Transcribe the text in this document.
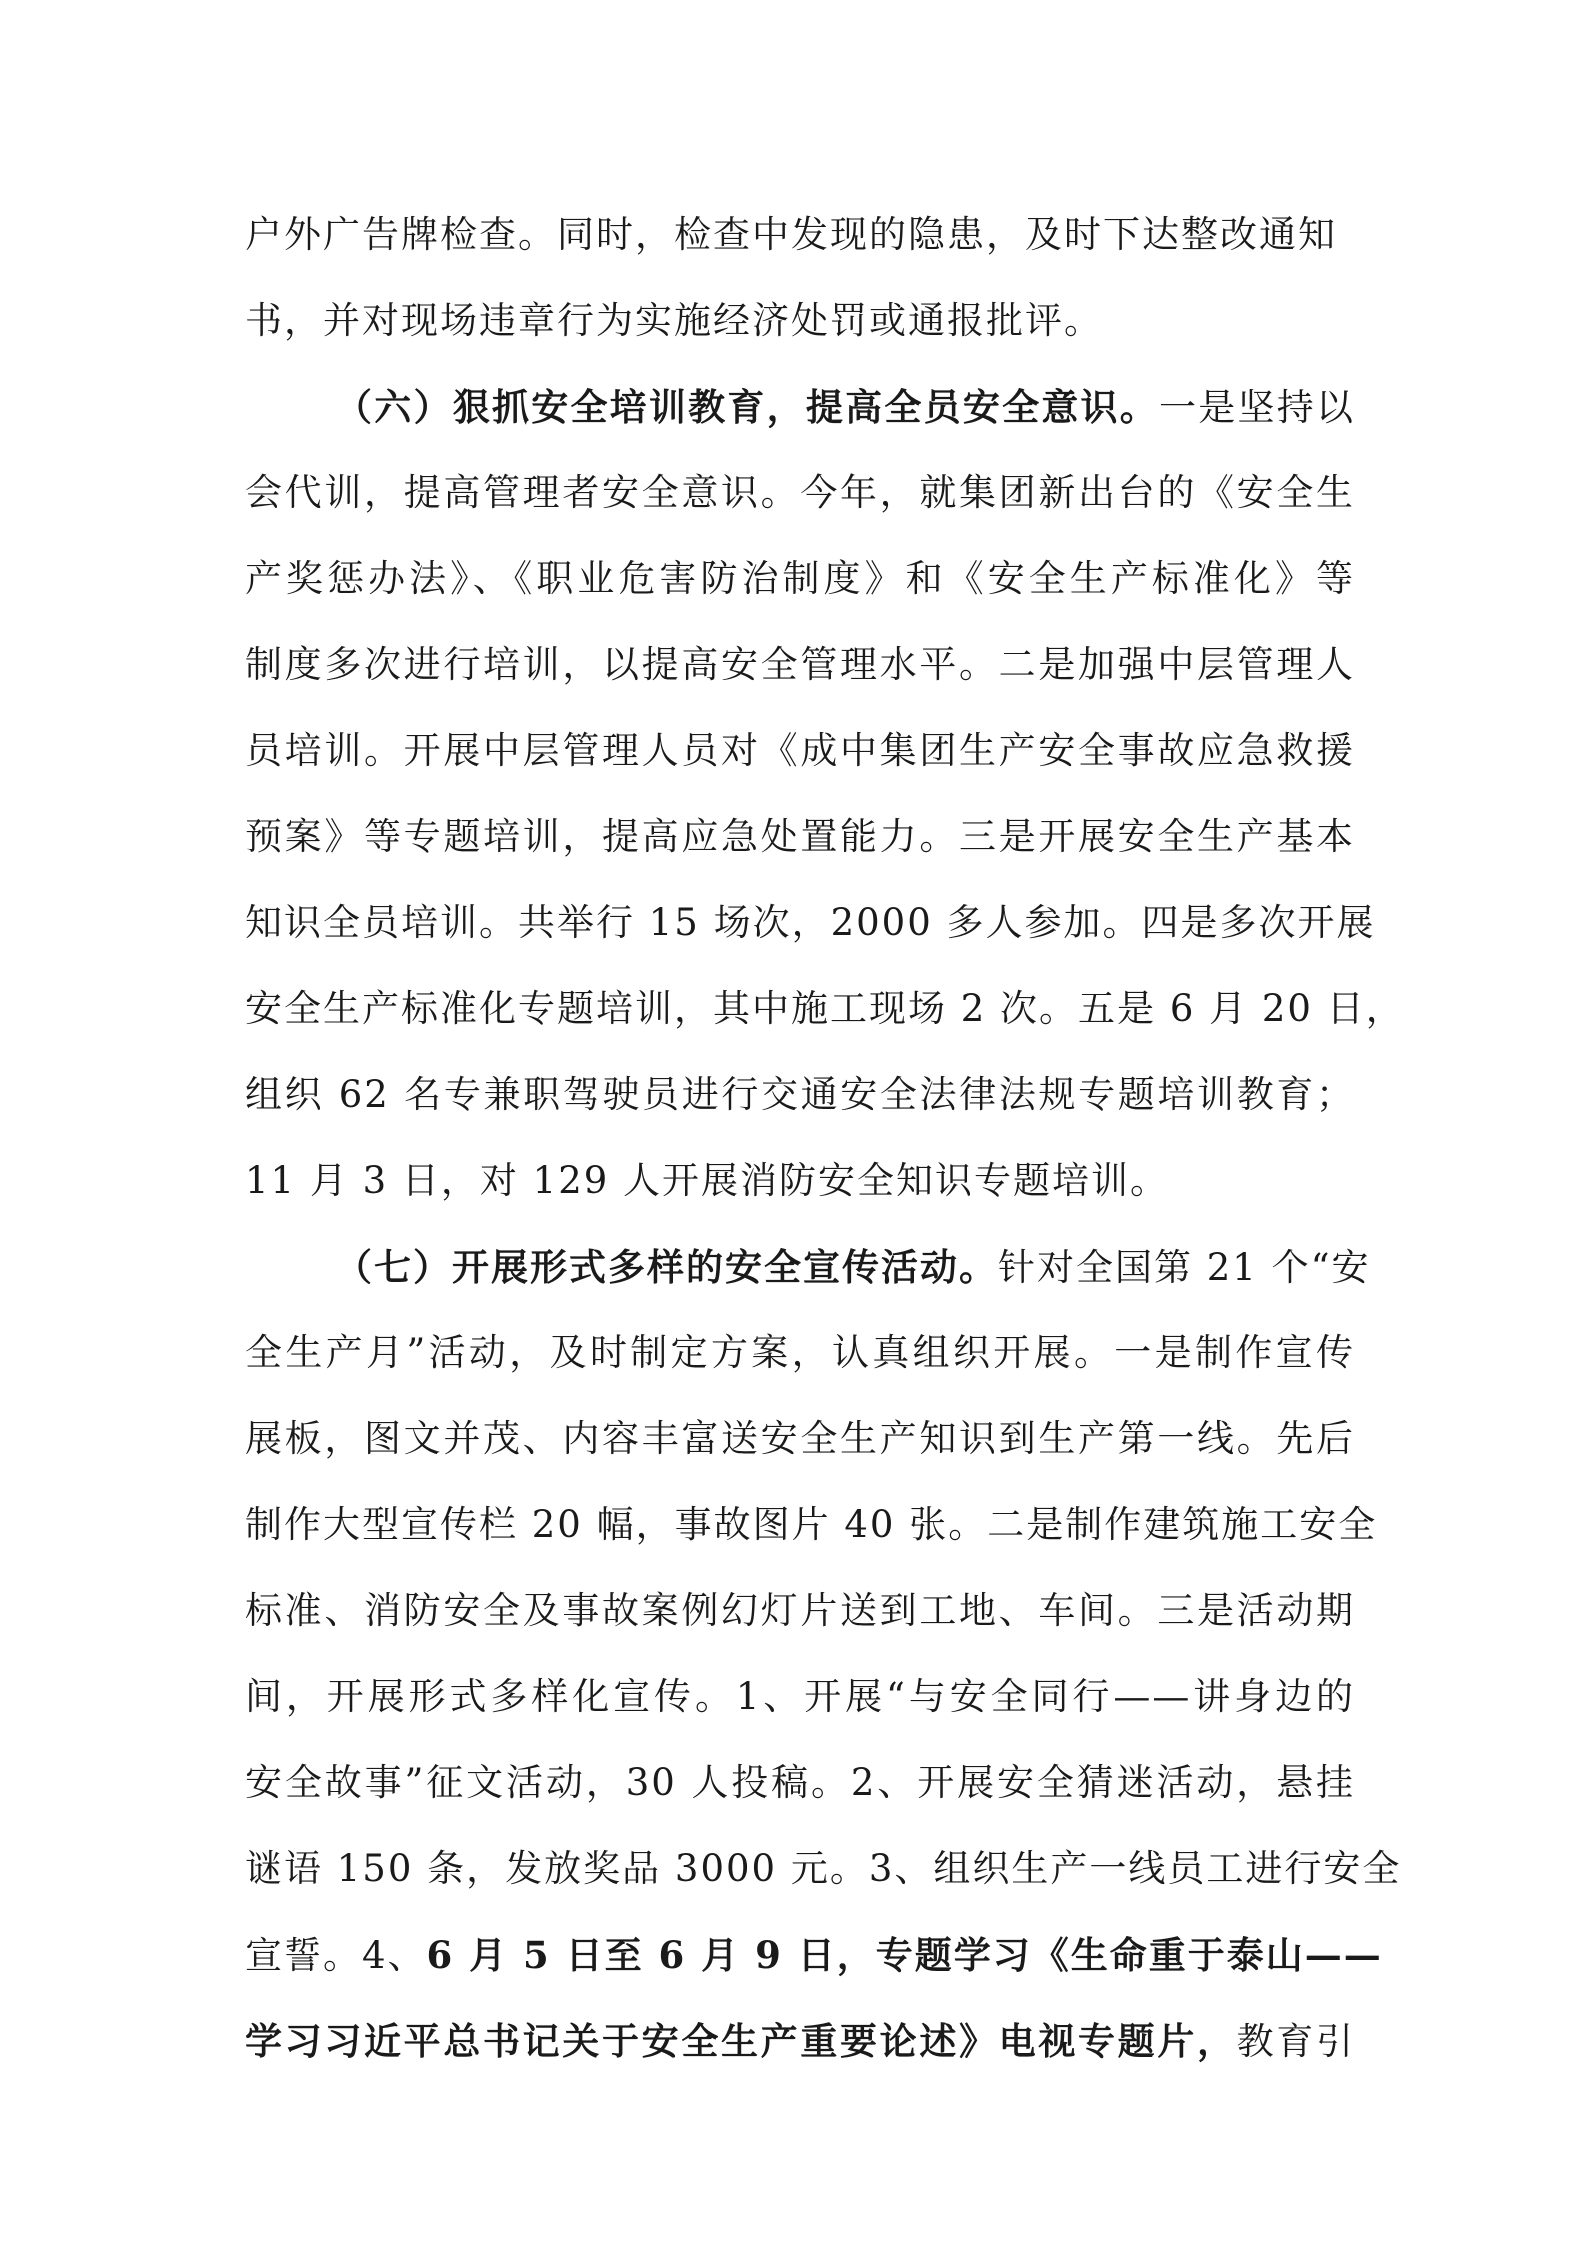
户外广告牌检查。同时，检查中发现的隐患，及时下达整改通知
书，并对现场违章行为实施经济处罚或通报批评。
（六）狠抓安全培训教育，提高全员安全意识。一是坚持以
会代训，提高管理者安全意识。今年，就集团新出台的《安全生
产奖惩办法》、《职业危害防治制度》和《安全生产标准化》等
制度多次进行培训，以提高安全管理水平。二是加强中层管理人
员培训。开展中层管理人员对《成中集团生产安全事故应急救援
预案》等专题培训，提高应急处置能力。三是开展安全生产基本
知识全员培训。共举行 15 场次，2000 多人参加。四是多次开展
安全生产标准化专题培训，其中施工现场 2 次。五是 6 月 20 日，
组织 62 名专兼职驾驶员进行交通安全法律法规专题培训教育；
11 月 3 日，对 129 人开展消防安全知识专题培训。
（七）开展形式多样的安全宣传活动。针对全国第 21 个“安
全生产月”活动，及时制定方案，认真组织开展。一是制作宣传
展板，图文并茂、内容丰富送安全生产知识到生产第一线。先后
制作大型宣传栏 20 幅，事故图片 40 张。二是制作建筑施工安全
标准、消防安全及事故案例幻灯片送到工地、车间。三是活动期
间，开展形式多样化宣传。1、开展“与安全同行——讲身边的
安全故事”征文活动，30 人投稿。2、开展安全猜迷活动，悬挂
谜语 150 条，发放奖品 3000 元。3、组织生产一线员工进行安全
宣誓。4、6 月 5 日至 6 月 9 日，专题学习《生命重于泰山——
学习习近平总书记关于安全生产重要论述》电视专题片，教育引
